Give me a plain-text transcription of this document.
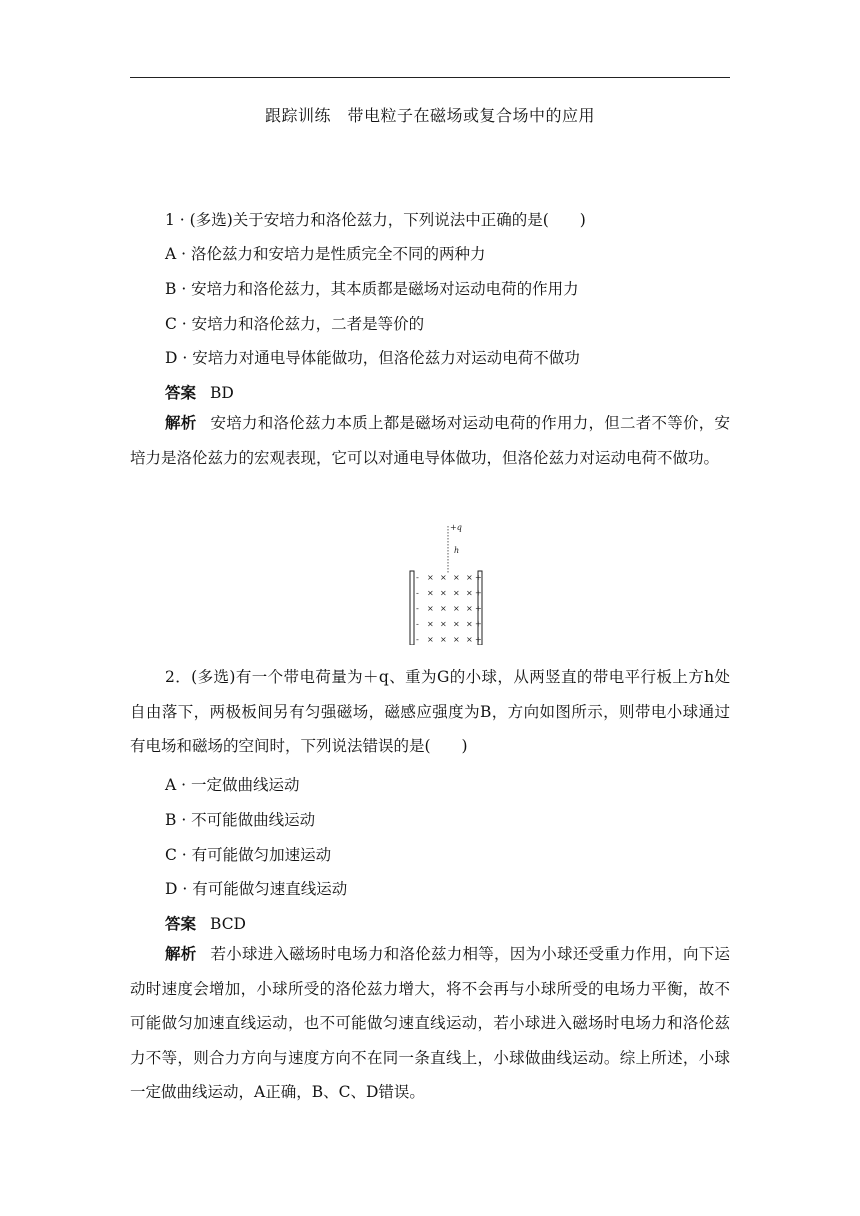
跟踪训练　带电粒子在磁场或复合场中的应用
1 · (多选)关于安培力和洛伦兹力，下列说法中正确的是(　　)
A · 洛伦兹力和安培力是性质完全不同的两种力
B · 安培力和洛伦兹力，其本质都是磁场对运动电荷的作用力
C · 安培力和洛伦兹力，二者是等价的
D · 安培力对通电导体能做功，但洛伦兹力对运动电荷不做功
答案 BD
解析 安培力和洛伦兹力本质上都是磁场对运动电荷的作用力，但二者不等价，安培力是洛伦兹力的宏观表现，它可以对通电导体做功，但洛伦兹力对运动电荷不做功。
+q
h
- × × × × +
- × × × × +
- × × × × +
- × × × × +
- × × × × +
2．(多选)有一个带电荷量为＋q、重为G的小球，从两竖直的带电平行板上方h处自由落下，两极板间另有匀强磁场，磁感应强度为B，方向如图所示，则带电小球通过有电场和磁场的空间时，下列说法错误的是(　　)
A · 一定做曲线运动
B · 不可能做曲线运动
C · 有可能做匀加速运动
D · 有可能做匀速直线运动
答案 BCD
解析 若小球进入磁场时电场力和洛伦兹力相等，因为小球还受重力作用，向下运动时速度会增加，小球所受的洛伦兹力增大，将不会再与小球所受的电场力平衡，故不可能做匀加速直线运动，也不可能做匀速直线运动，若小球进入磁场时电场力和洛伦兹力不等，则合力方向与速度方向不在同一条直线上，小球做曲线运动。综上所述，小球一定做曲线运动，A正确，B、C、D错误。
